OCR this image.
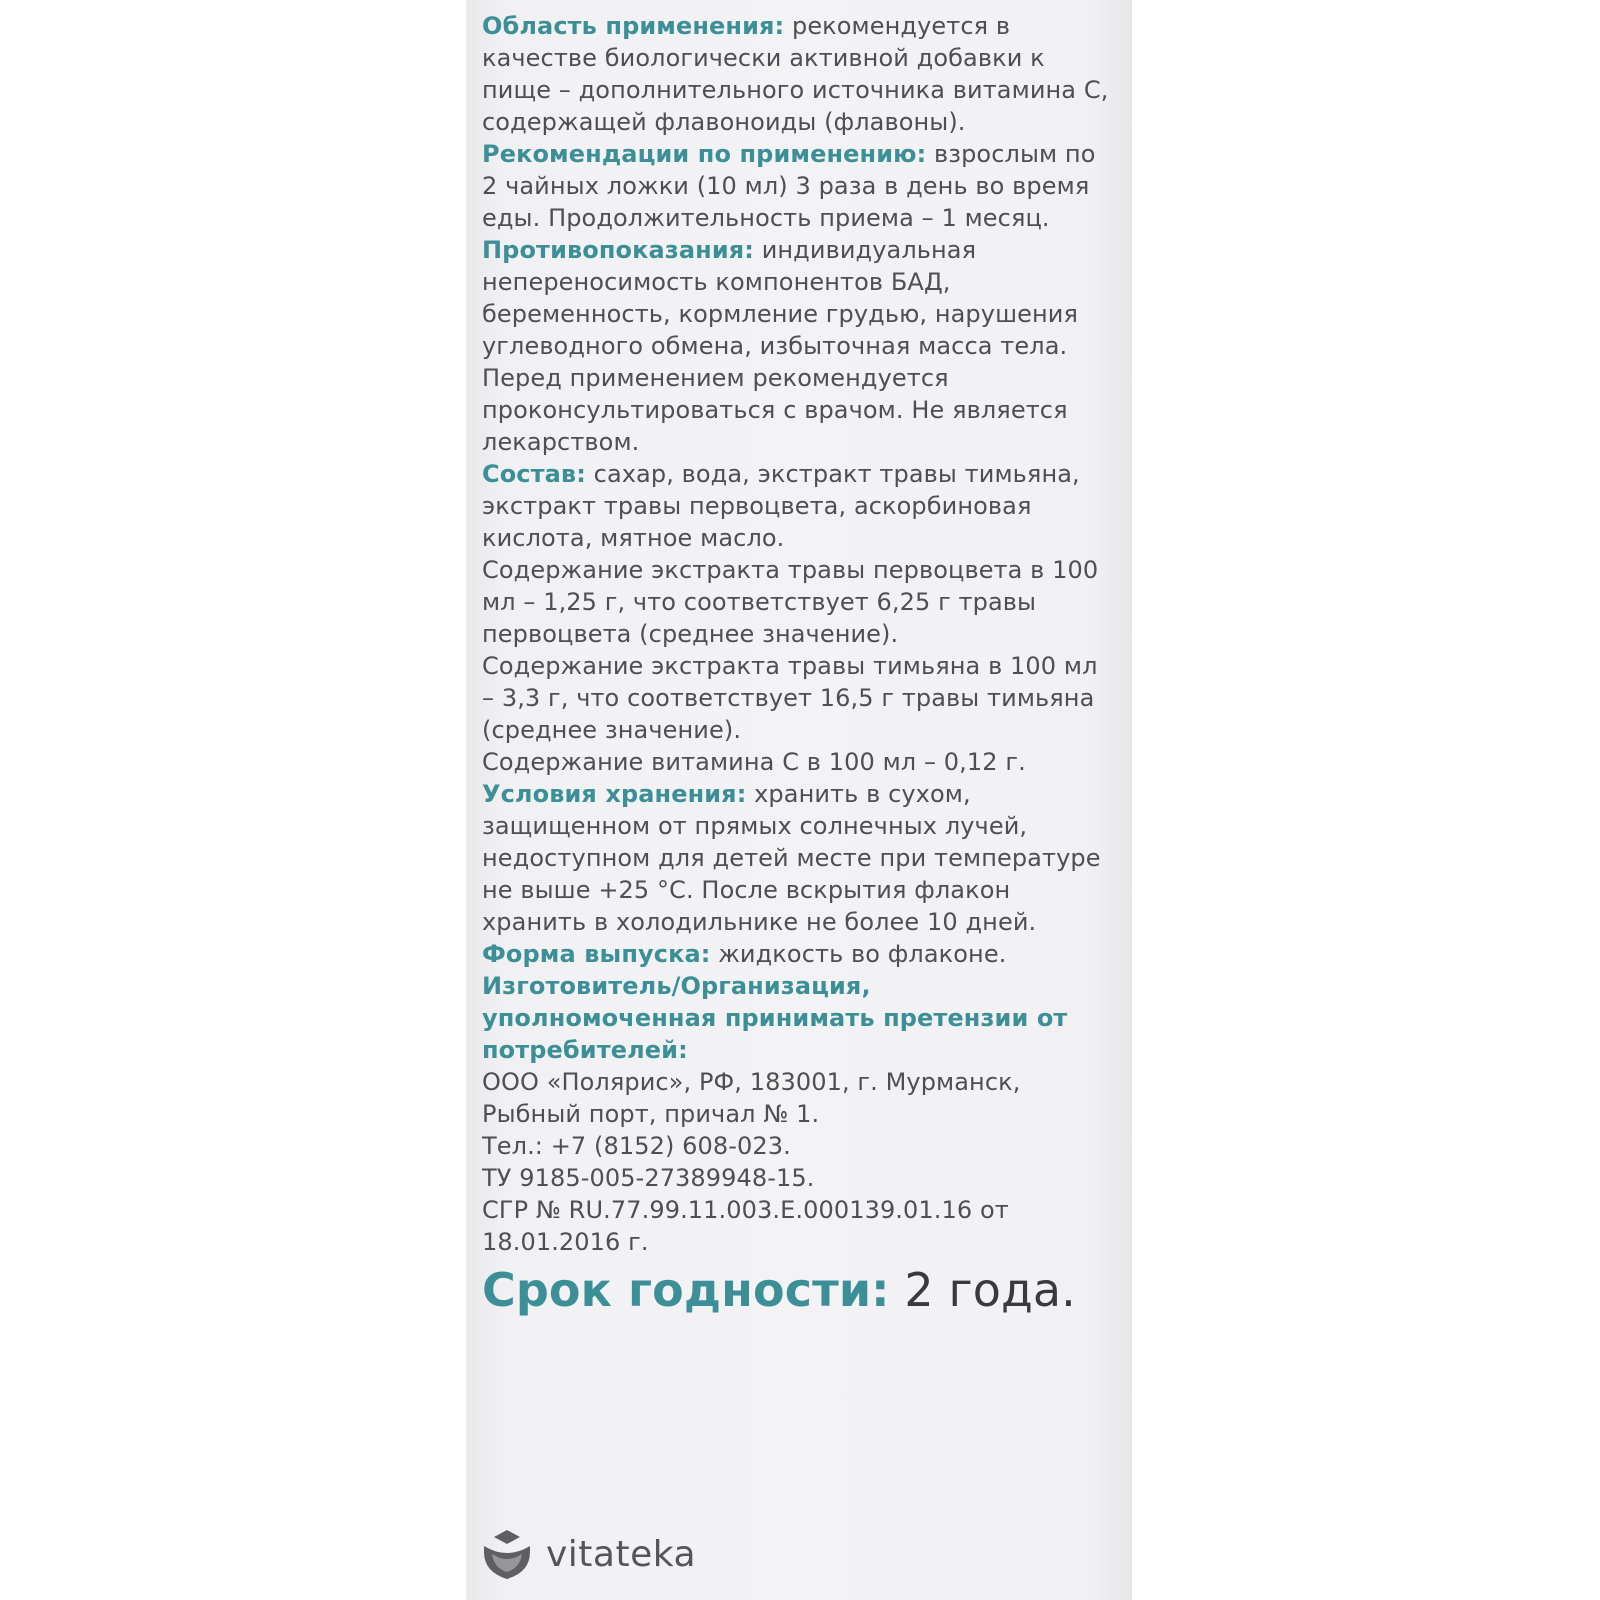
Область применения: рекомендуется в качестве биологически активной добавки к пище – дополнительного источника витамина С, содержащей флавоноиды (флавоны).

Рекомендации по применению: взрослым по 2 чайных ложки (10 мл) 3 раза в день во время еды. Продолжительность приема – 1 месяц.

Противопоказания: индивидуальная непереносимость компонентов БАД, беременность, кормление грудью, нарушения углеводного обмена, избыточная масса тела. Перед применением рекомендуется проконсультироваться с врачом. Не является лекарством.

Состав: сахар, вода, экстракт травы тимьяна, экстракт травы первоцвета, аскорбиновая кислота, мятное масло.

Содержание экстракта травы первоцвета в 100 мл – 1,25 г, что соответствует 6,25 г травы первоцвета (среднее значение).

Содержание экстракта травы тимьяна в 100 мл – 3,3 г, что соответствует 16,5 г травы тимьяна (среднее значение).

Содержание витамина С в 100 мл – 0,12 г.

Условия хранения: хранить в сухом, защищенном от прямых солнечных лучей, недоступном для детей месте при температуре не выше +25 °С. После вскрытия флакон хранить в холодильнике не более 10 дней.

Форма выпуска: жидкость во флаконе.

Изготовитель/Организация, уполномоченная принимать претензии от потребителей:

ООО «Полярис», РФ, 183001, г. Мурманск, Рыбный порт, причал № 1.

Тел.: +7 (8152) 608-023.

ТУ 9185-005-27389948-15.

СГР № RU.77.99.11.003.Е.000139.01.16 от 18.01.2016 г.

Срок годности: 2 года.

vitateka
